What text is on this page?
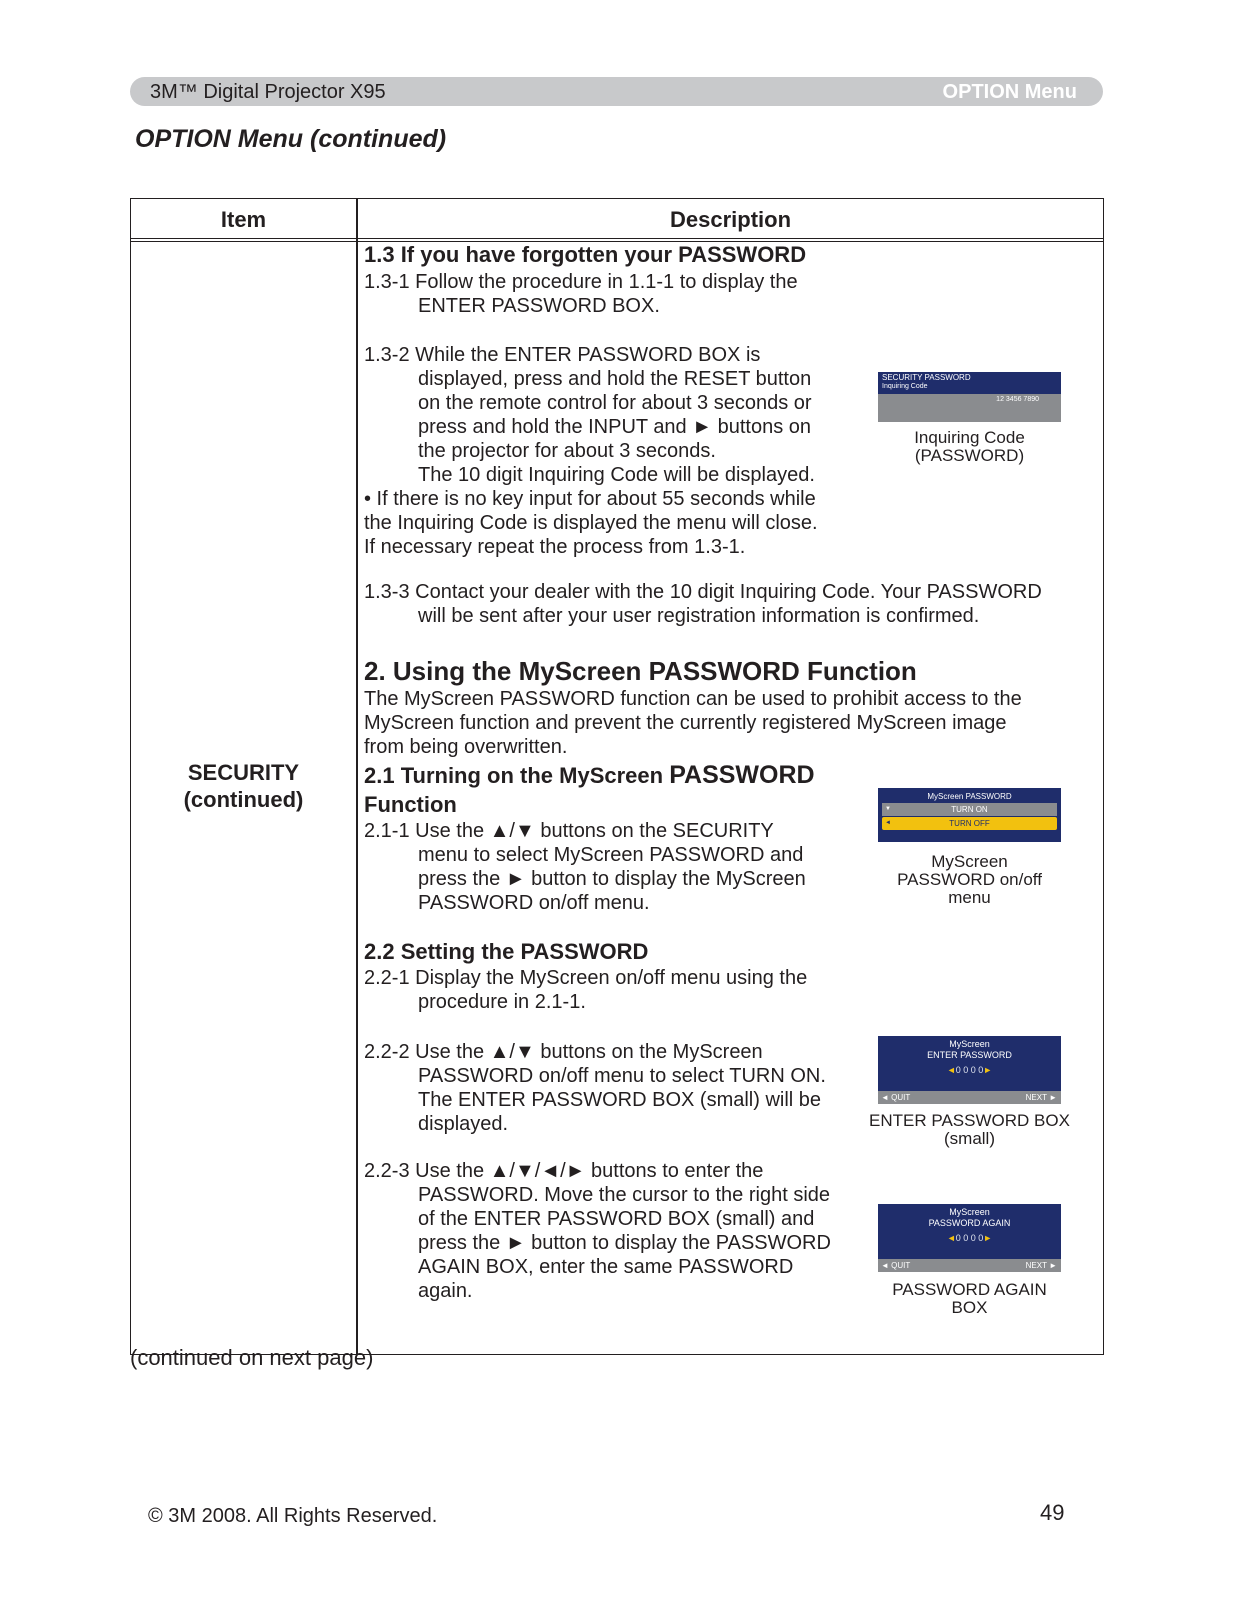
3M™ Digital Projector X95	OPTION Menu
OPTION Menu (continued)
Item	Description
SECURITY
(continued)
1.3 If you have forgotten your PASSWORD
1.3-1 Follow the procedure in 1.1-1 to display the
ENTER PASSWORD BOX.
1.3-2 While the ENTER PASSWORD BOX is
displayed, press and hold the RESET button
on the remote control for about 3 seconds or
press and hold the INPUT and ► buttons on
the projector for about 3 seconds.
The 10 digit Inquiring Code will be displayed.
• If there is no key input for about 55 seconds while
the Inquiring Code is displayed the menu will close.
If necessary repeat the process from 1.3-1.
1.3-3 Contact your dealer with the 10 digit Inquiring Code. Your PASSWORD
will be sent after your user registration information is confirmed.
2. Using the MyScreen PASSWORD Function
The MyScreen PASSWORD function can be used to prohibit access to the
MyScreen function and prevent the currently registered MyScreen image
from being overwritten.
2.1 Turning on the MyScreen PASSWORD
Function
2.1-1 Use the ▲/▼ buttons on the SECURITY
menu to select MyScreen PASSWORD and
press the ► button to display the MyScreen
PASSWORD on/off menu.
2.2 Setting the PASSWORD
2.2-1 Display the MyScreen on/off menu using the
procedure in 2.1-1.
2.2-2 Use the ▲/▼ buttons on the MyScreen
PASSWORD on/off menu to select TURN ON.
The ENTER PASSWORD BOX (small) will be
displayed.
2.2-3 Use the ▲/▼/◄/► buttons to enter the
PASSWORD. Move the cursor to the right side
of the ENTER PASSWORD BOX (small) and
press the ► button to display the PASSWORD
AGAIN BOX, enter the same PASSWORD
again.
SECURITY PASSWORD
Inquiring Code
12 3456 7890
Inquiring Code
(PASSWORD)
MyScreen PASSWORD
▼	TURN ON
◄	TURN OFF
MyScreen
PASSWORD on/off
menu
MyScreen
ENTER PASSWORD
◄0 0 0 0►
◄ QUIT	NEXT ►
ENTER PASSWORD BOX
(small)
MyScreen
PASSWORD AGAIN
◄0 0 0 0►
◄ QUIT	NEXT ►
PASSWORD AGAIN
BOX
(continued on next page)
© 3M 2008. All Rights Reserved.	49
